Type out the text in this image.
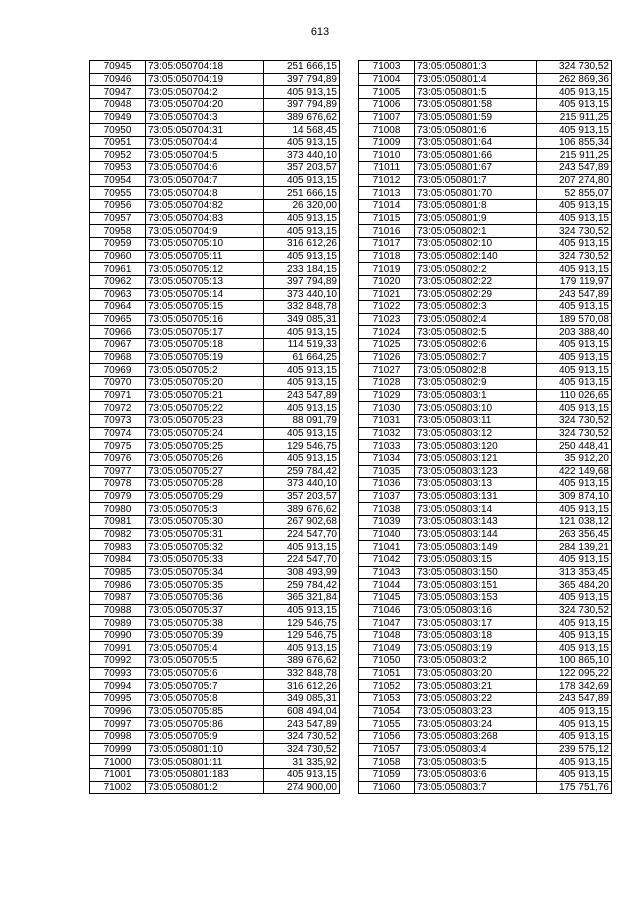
613
70945	73:05:050704:18	251 666,15
70946	73:05:050704:19	397 794,89
70947	73:05:050704:2	405 913,15
70948	73:05:050704:20	397 794,89
70949	73:05:050704:3	389 676,62
70950	73:05:050704:31	14 568,45
70951	73:05:050704:4	405 913,15
70952	73:05:050704:5	373 440,10
70953	73:05:050704:6	357 203,57
70954	73:05:050704:7	405 913,15
70955	73:05:050704:8	251 666,15
70956	73:05:050704:82	26 320,00
70957	73:05:050704:83	405 913,15
70958	73:05:050704:9	405 913,15
70959	73:05:050705:10	316 612,26
70960	73:05:050705:11	405 913,15
70961	73:05:050705:12	233 184,15
70962	73:05:050705:13	397 794,89
70963	73:05:050705:14	373 440,10
70964	73:05:050705:15	332 848,78
70965	73:05:050705:16	349 085,31
70966	73:05:050705:17	405 913,15
70967	73:05:050705:18	114 519,33
70968	73:05:050705:19	61 664,25
70969	73:05:050705:2	405 913,15
70970	73:05:050705:20	405 913,15
70971	73:05:050705:21	243 547,89
70972	73:05:050705:22	405 913,15
70973	73:05:050705:23	88 091,79
70974	73:05:050705:24	405 913,15
70975	73:05:050705:25	129 546,75
70976	73:05:050705:26	405 913,15
70977	73:05:050705:27	259 784,42
70978	73:05:050705:28	373 440,10
70979	73:05:050705:29	357 203,57
70980	73:05:050705:3	389 676,62
70981	73:05:050705:30	267 902,68
70982	73:05:050705:31	224 547,70
70983	73:05:050705:32	405 913,15
70984	73:05:050705:33	224 547,70
70985	73:05:050705:34	308 493,99
70986	73:05:050705:35	259 784,42
70987	73:05:050705:36	365 321,84
70988	73:05:050705:37	405 913,15
70989	73:05:050705:38	129 546,75
70990	73:05:050705:39	129 546,75
70991	73:05:050705:4	405 913,15
70992	73:05:050705:5	389 676,62
70993	73:05:050705:6	332 848,78
70994	73:05:050705:7	316 612,26
70995	73:05:050705:8	349 085,31
70996	73:05:050705:85	608 494,04
70997	73:05:050705:86	243 547,89
70998	73:05:050705:9	324 730,52
70999	73:05:050801:10	324 730,52
71000	73:05:050801:11	31 335,92
71001	73:05:050801:183	405 913,15
71002	73:05:050801:2	274 900,00
71003	73:05:050801:3	324 730,52
71004	73:05:050801:4	262 869,36
71005	73:05:050801:5	405 913,15
71006	73:05:050801:58	405 913,15
71007	73:05:050801:59	215 911,25
71008	73:05:050801:6	405 913,15
71009	73:05:050801:64	106 855,34
71010	73:05:050801:66	215 911,25
71011	73:05:050801:67	243 547,89
71012	73:05:050801:7	207 274,80
71013	73:05:050801:70	52 855,07
71014	73:05:050801:8	405 913,15
71015	73:05:050801:9	405 913,15
71016	73:05:050802:1	324 730,52
71017	73:05:050802:10	405 913,15
71018	73:05:050802:140	324 730,52
71019	73:05:050802:2	405 913,15
71020	73:05:050802:22	179 119,97
71021	73:05:050802:29	243 547,89
71022	73:05:050802:3	405 913,15
71023	73:05:050802:4	189 570,08
71024	73:05:050802:5	203 388,40
71025	73:05:050802:6	405 913,15
71026	73:05:050802:7	405 913,15
71027	73:05:050802:8	405 913,15
71028	73:05:050802:9	405 913,15
71029	73:05:050803:1	110 026,65
71030	73:05:050803:10	405 913,15
71031	73:05:050803:11	324 730,52
71032	73:05:050803:12	324 730,52
71033	73:05:050803:120	250 448,41
71034	73:05:050803:121	35 912,20
71035	73:05:050803:123	422 149,68
71036	73:05:050803:13	405 913,15
71037	73:05:050803:131	309 874,10
71038	73:05:050803:14	405 913,15
71039	73:05:050803:143	121 038,12
71040	73:05:050803:144	263 356,45
71041	73:05:050803:149	284 139,21
71042	73:05:050803:15	405 913,15
71043	73:05:050803:150	313 353,45
71044	73:05:050803:151	365 484,20
71045	73:05:050803:153	405 913,15
71046	73:05:050803:16	324 730,52
71047	73:05:050803:17	405 913,15
71048	73:05:050803:18	405 913,15
71049	73:05:050803:19	405 913,15
71050	73:05:050803:2	100 865,10
71051	73:05:050803:20	122 095,22
71052	73:05:050803:21	178 342,69
71053	73:05:050803:22	243 547,89
71054	73:05:050803:23	405 913,15
71055	73:05:050803:24	405 913,15
71056	73:05:050803:268	405 913,15
71057	73:05:050803:4	239 575,12
71058	73:05:050803:5	405 913,15
71059	73:05:050803:6	405 913,15
71060	73:05:050803:7	175 751,76
